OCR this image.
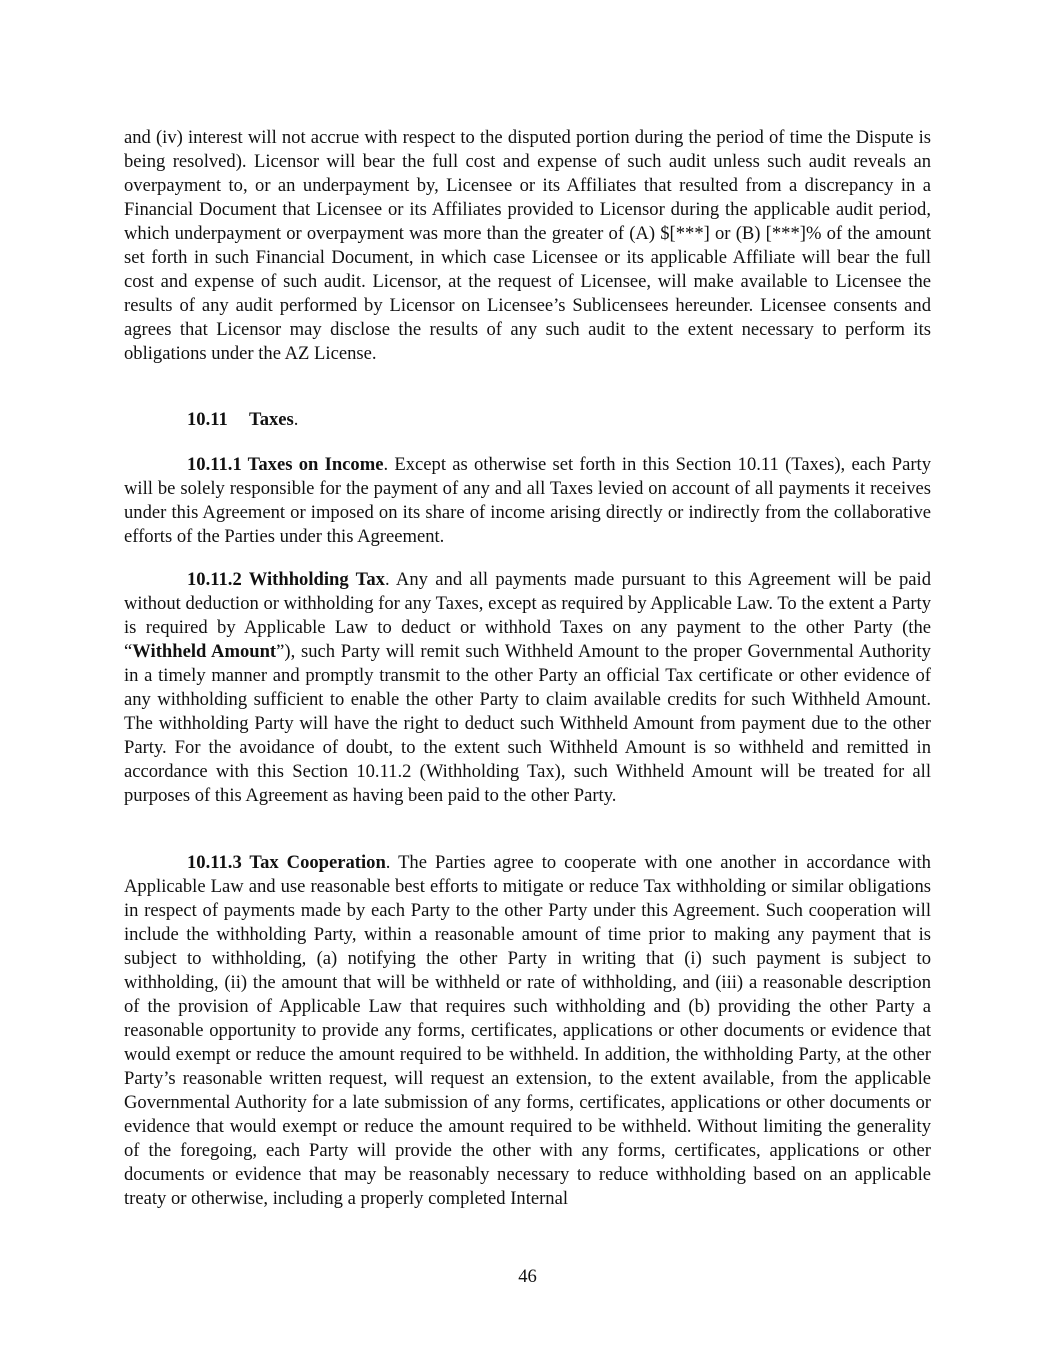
and (iv) interest will not accrue with respect to the disputed portion during the period of time the Dispute is being resolved). Licensor will bear the full cost and expense of such audit unless such audit reveals an overpayment to, or an underpayment by, Licensee or its Affiliates that resulted from a discrepancy in a Financial Document that Licensee or its Affiliates provided to Licensor during the applicable audit period, which underpayment or overpayment was more than the greater of (A) $[***] or (B) [***]% of the amount set forth in such Financial Document, in which case Licensee or its applicable Affiliate will bear the full cost and expense of such audit. Licensor, at the request of Licensee, will make available to Licensee the results of any audit performed by Licensor on Licensee’s Sublicensees hereunder. Licensee consents and agrees that Licensor may disclose the results of any such audit to the extent necessary to perform its obligations under the AZ License.

10.11 Taxes.

10.11.1 Taxes on Income. Except as otherwise set forth in this Section 10.11 (Taxes), each Party will be solely responsible for the payment of any and all Taxes levied on account of all payments it receives under this Agreement or imposed on its share of income arising directly or indirectly from the collaborative efforts of the Parties under this Agreement.

10.11.2 Withholding Tax. Any and all payments made pursuant to this Agreement will be paid without deduction or withholding for any Taxes, except as required by Applicable Law. To the extent a Party is required by Applicable Law to deduct or withhold Taxes on any payment to the other Party (the “Withheld Amount”), such Party will remit such Withheld Amount to the proper Governmental Authority in a timely manner and promptly transmit to the other Party an official Tax certificate or other evidence of any withholding sufficient to enable the other Party to claim available credits for such Withheld Amount. The withholding Party will have the right to deduct such Withheld Amount from payment due to the other Party. For the avoidance of doubt, to the extent such Withheld Amount is so withheld and remitted in accordance with this Section 10.11.2 (Withholding Tax), such Withheld Amount will be treated for all purposes of this Agreement as having been paid to the other Party.

10.11.3 Tax Cooperation. The Parties agree to cooperate with one another in accordance with Applicable Law and use reasonable best efforts to mitigate or reduce Tax withholding or similar obligations in respect of payments made by each Party to the other Party under this Agreement. Such cooperation will include the withholding Party, within a reasonable amount of time prior to making any payment that is subject to withholding, (a) notifying the other Party in writing that (i) such payment is subject to withholding, (ii) the amount that will be withheld or rate of withholding, and (iii) a reasonable description of the provision of Applicable Law that requires such withholding and (b) providing the other Party a reasonable opportunity to provide any forms, certificates, applications or other documents or evidence that would exempt or reduce the amount required to be withheld. In addition, the withholding Party, at the other Party’s reasonable written request, will request an extension, to the extent available, from the applicable Governmental Authority for a late submission of any forms, certificates, applications or other documents or evidence that would exempt or reduce the amount required to be withheld. Without limiting the generality of the foregoing, each Party will provide the other with any forms, certificates, applications or other documents or evidence that may be reasonably necessary to reduce withholding based on an applicable treaty or otherwise, including a properly completed Internal

46
